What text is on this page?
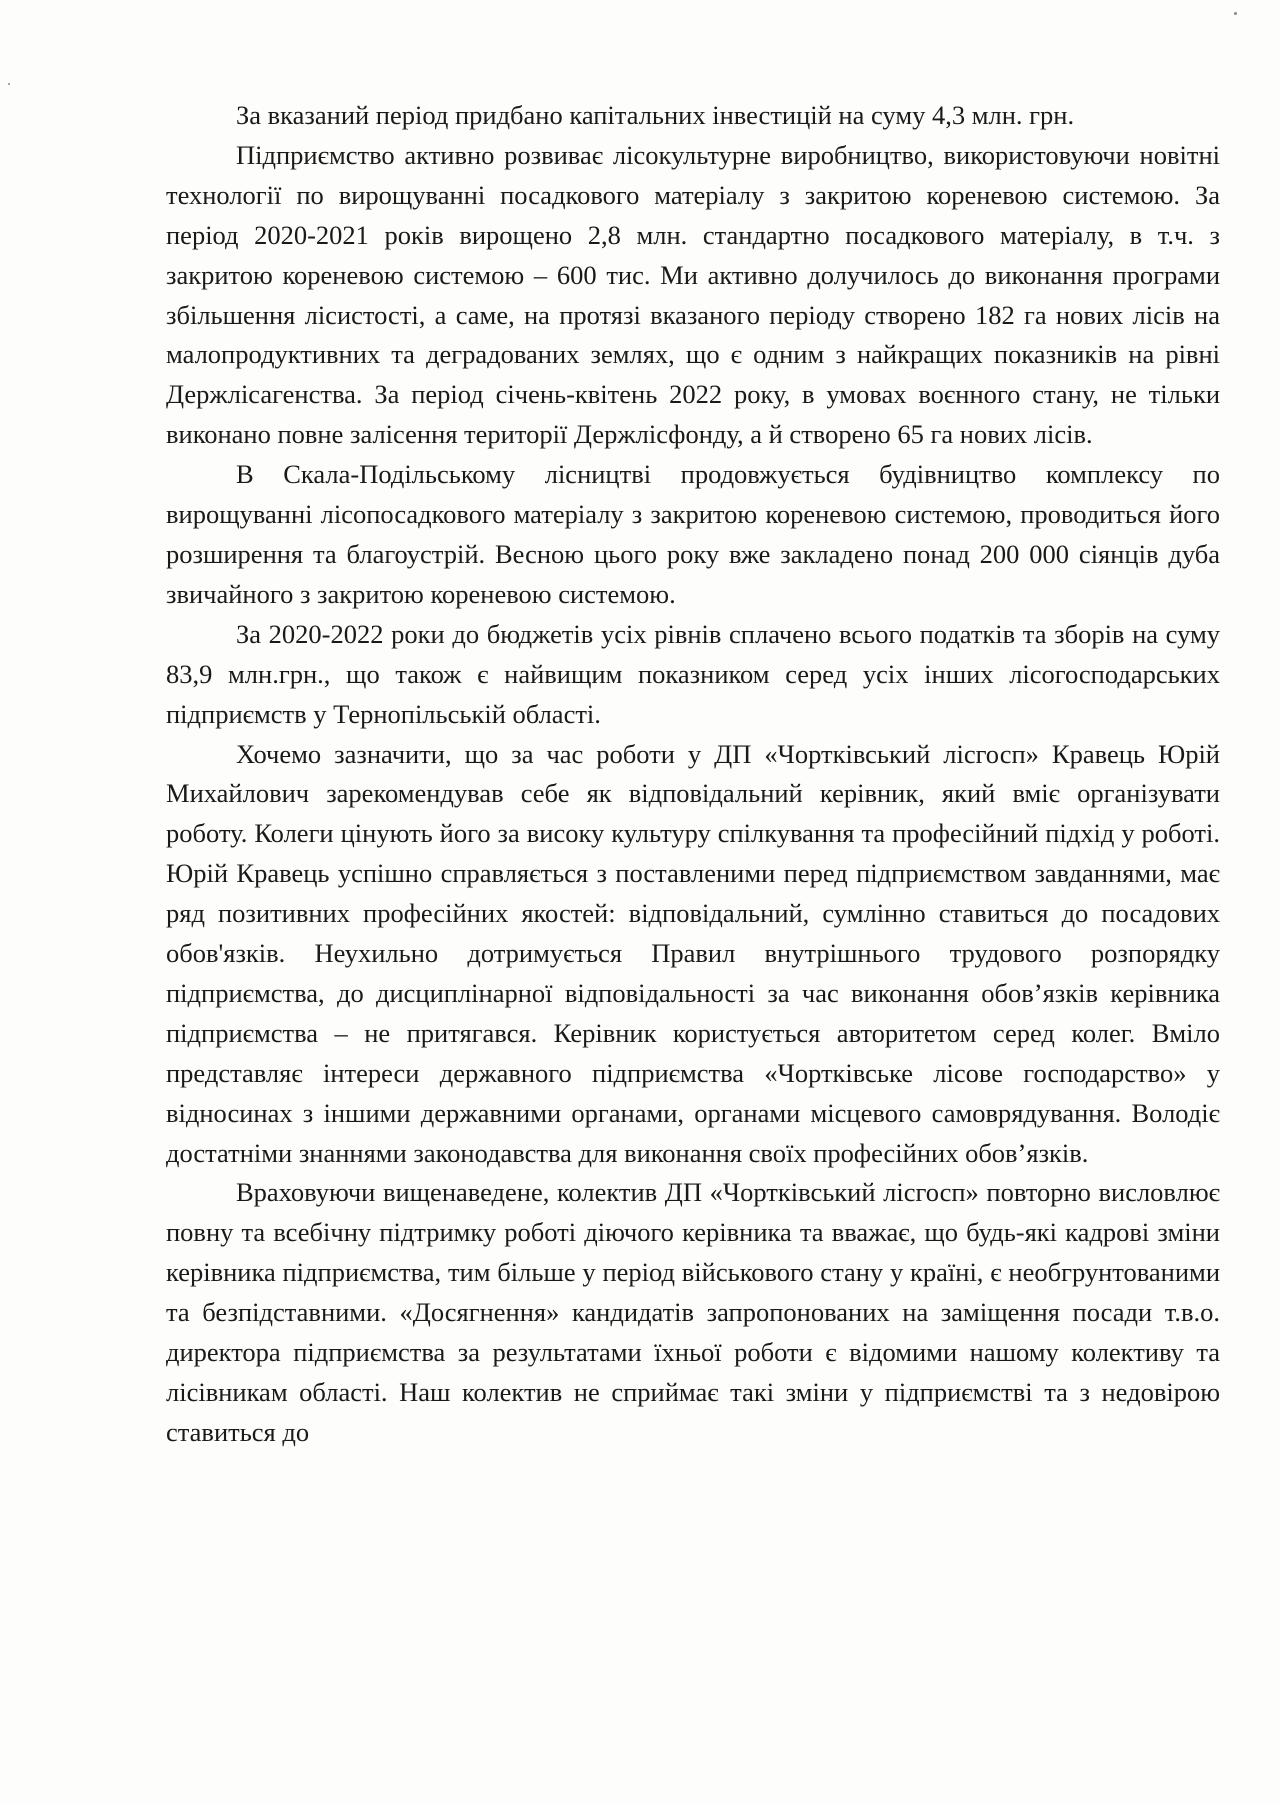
За вказаний період придбано капітальних інвестицій на суму 4,3 млн. грн.

Підприємство активно розвиває лісокультурне виробництво, використовуючи новітні технології по вирощуванні посадкового матеріалу з закритою кореневою системою. За період 2020-2021 років вирощено 2,8 млн. стандартно посадкового матеріалу, в т.ч. з закритою кореневою системою – 600 тис. Ми активно долучилось до виконання програми збільшення лісистості, а саме, на протязі вказаного періоду створено 182 га нових лісів на малопродуктивних та деградованих землях, що є одним з найкращих показників на рівні Держлісагенства. За період січень-квітень 2022 року, в умовах воєнного стану, не тільки виконано повне залісення території Держлісфонду, а й створено 65 га нових лісів.

В Скала-Подільському лісництві продовжується будівництво комплексу по вирощуванні лісопосадкового матеріалу з закритою кореневою системою, проводиться його розширення та благоустрій. Весною цього року вже закладено понад 200 000 сіянців дуба звичайного з закритою кореневою системою.

За 2020-2022 роки до бюджетів усіх рівнів сплачено всього податків та зборів на суму 83,9 млн.грн., що також є найвищим показником серед усіх інших лісогосподарських підприємств у Тернопільській області.

Хочемо зазначити, що за час роботи у ДП «Чортківський лісгосп» Кравець Юрій Михайлович зарекомендував себе як відповідальний керівник, який вміє організувати роботу. Колеги цінують його за високу культуру спілкування та професійний підхід у роботі. Юрій Кравець успішно справляється з поставленими перед підприємством завданнями, має ряд позитивних професійних якостей: відповідальний, сумлінно ставиться до посадових обов'язків. Неухильно дотримується Правил внутрішнього трудового розпорядку підприємства, до дисциплінарної відповідальності за час виконання обов’язків керівника підприємства – не притягався. Керівник користується авторитетом серед колег. Вміло представляє інтереси державного підприємства «Чортківське лісове господарство» у відносинах з іншими державними органами, органами місцевого самоврядування. Володіє достатніми знаннями законодавства для виконання своїх професійних обов’язків.

Враховуючи вищенаведене, колектив ДП «Чортківський лісгосп» повторно висловлює повну та всебічну підтримку роботі діючого керівника та вважає, що будь-які кадрові зміни керівника підприємства, тим більше у період військового стану у країні, є необгрунтованими та безпідставними. «Досягнення» кандидатів запропонованих на заміщення посади т.в.о. директора підприємства за результатами їхньої роботи є відомими нашому колективу та лісівникам області. Наш колектив не сприймає такі зміни у підприємстві та з недовірою ставиться до
